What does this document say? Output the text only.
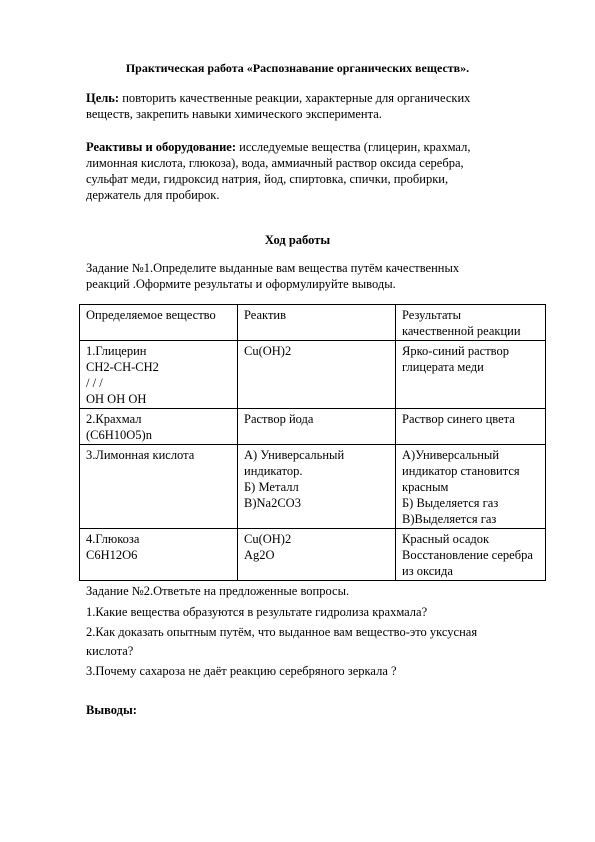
Практическая работа «Распознавание органических веществ».
Цель: повторить качественные реакции, характерные для органических
веществ, закрепить навыки химического эксперимента.
Реактивы и оборудование: исследуемые вещества (глицерин, крахмал,
лимонная кислота, глюкоза), вода, аммиачный раствор оксида серебра,
сульфат меди, гидроксид натрия, йод, спиртовка, спички, пробирки,
держатель для пробирок.
Ход работы
Задание №1.Определите выданные вам вещества путём качественных
реакций .Оформите результаты и оформулируйте выводы.
Определяемое вещество	Реактив	Результаты
качественной реакции

1.Глицерин
CH2-CH-CH2
/ / /
OH OH OH	Cu(OH)2	Ярко-синий раствор
глицерата меди

2.Крахмал
(C6H10O5)n	Раствор йода	Раствор синего цвета

3.Лимонная кислота	А) Универсальный
индикатор.
Б) Металл
В)Na2CO3	А)Универсальный
индикатор становится
красным
Б) Выделяется газ
В)Выделяется газ

4.Глюкоза
C6H12O6	Cu(OH)2
Ag2O	Красный осадок
Восстановление серебра
из оксида
Задание №2.Ответьте на предложенные вопросы.
1.Какие вещества образуются в результате гидролиза крахмала?
2.Как доказать опытным путём, что выданное вам вещество-это уксусная
кислота?
3.Почему сахароза не даёт реакцию серебряного зеркала ?
Выводы:
